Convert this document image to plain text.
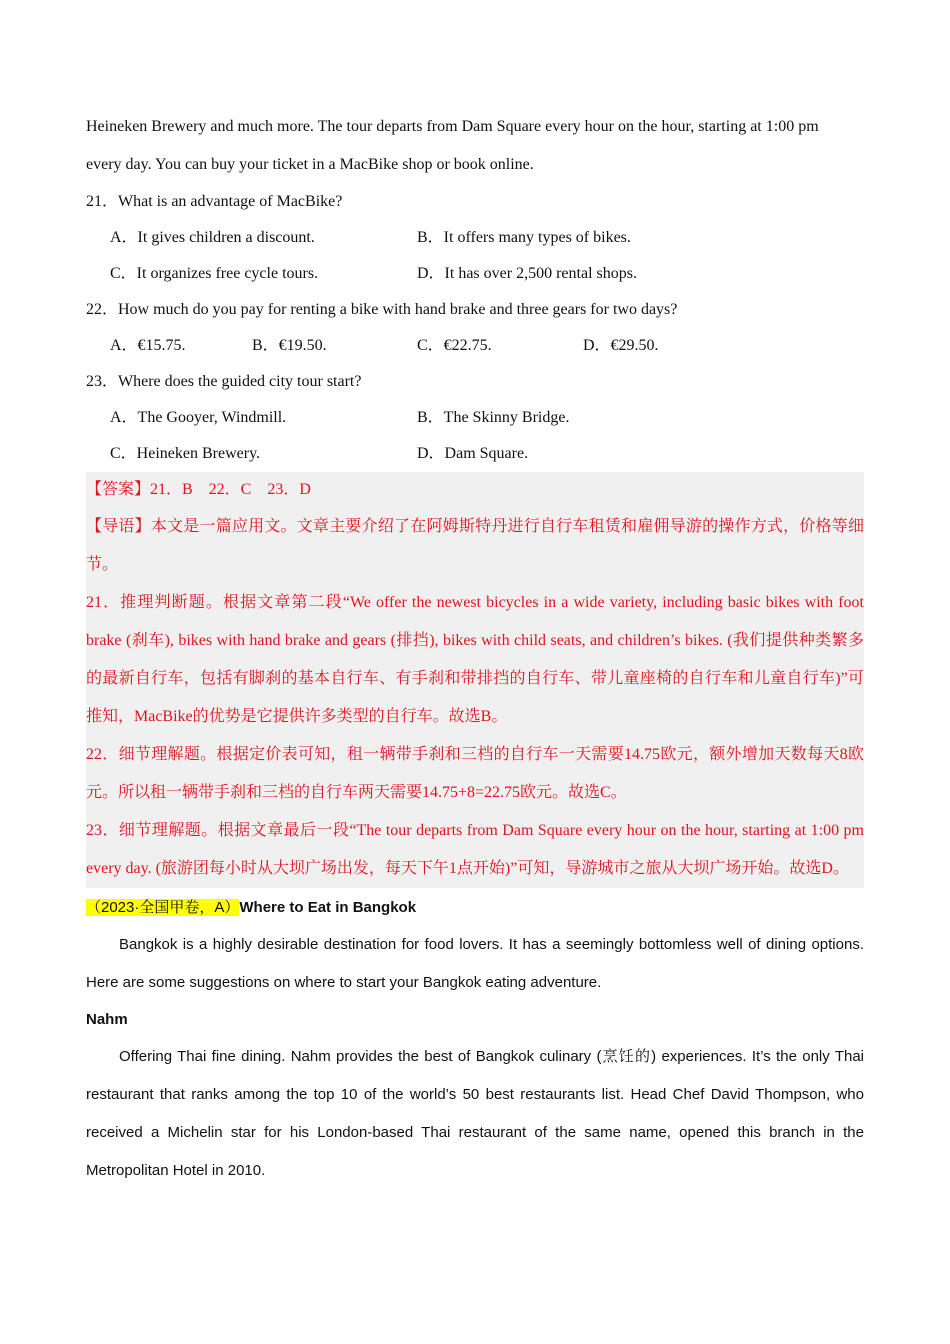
Heineken Brewery and much more. The tour departs from Dam Square every hour on the hour, starting at 1:00 pm

every day. You can buy your ticket in a MacBike shop or book online.

21．What is an advantage of MacBike?

A．It gives children a discount.	B．It offers many types of bikes.
C．It organizes free cycle tours.	D．It has over 2,500 rental shops.

22．How much do you pay for renting a bike with hand brake and three gears for two days?

A．€15.75.	B．€19.50.	C．€22.75.	D．€29.50.

23．Where does the guided city tour start?

A．The Gooyer, Windmill.	B．The Skinny Bridge.
C．Heineken Brewery.	D．Dam Square.

【答案】21．B　22．C　23．D

【导语】本文是一篇应用文。文章主要介绍了在阿姆斯特丹进行自行车租赁和雇佣导游的操作方式，价格等细节。

21．推理判断题。根据文章第二段“We offer the newest bicycles in a wide variety, including basic bikes with foot brake (刹车), bikes with hand brake and gears (排挡), bikes with child seats, and children’s bikes. (我们提供种类繁多的最新自行车，包括有脚刹的基本自行车、有手刹和带排挡的自行车、带儿童座椅的自行车和儿童自行车)”可推知，MacBike的优势是它提供许多类型的自行车。故选B。

22．细节理解题。根据定价表可知，租一辆带手刹和三档的自行车一天需要14.75欧元，额外增加天数每天8欧元。所以租一辆带手刹和三档的自行车两天需要14.75+8=22.75欧元。故选C。

23．细节理解题。根据文章最后一段“The tour departs from Dam Square every hour on the hour, starting at 1:00 pm every day. (旅游团每小时从大坝广场出发，每天下午1点开始)”可知，导游城市之旅从大坝广场开始。故选D。

（2023·全国甲卷，A）Where to Eat in Bangkok

Bangkok is a highly desirable destination for food lovers. It has a seemingly bottomless well of dining options. Here are some suggestions on where to start your Bangkok eating adventure.

Nahm

Offering Thai fine dining. Nahm provides the best of Bangkok culinary (烹饪的) experiences. It’s the only Thai restaurant that ranks among the top 10 of the world’s 50 best restaurants list. Head Chef David Thompson, who received a Michelin star for his London-based Thai restaurant of the same name, opened this branch in the Metropolitan Hotel in 2010.
